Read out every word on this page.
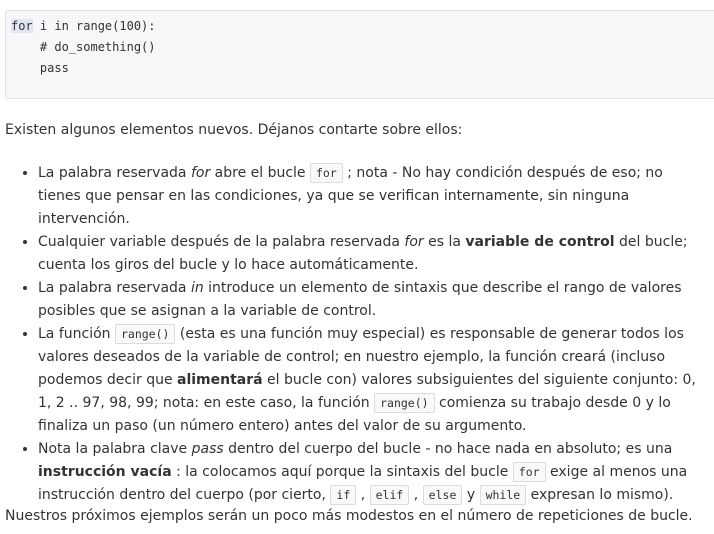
for i in range(100):
# do_something()
pass

Existen algunos elementos nuevos. Déjanos contarte sobre ellos:

• La palabra reservada for abre el bucle for ; nota - No hay condición después de eso; no tienes que pensar en las condiciones, ya que se verifican internamente, sin ninguna intervención.
• Cualquier variable después de la palabra reservada for es la variable de control del bucle; cuenta los giros del bucle y lo hace automáticamente.
• La palabra reservada in introduce un elemento de sintaxis que describe el rango de valores posibles que se asignan a la variable de control.
• La función range() (esta es una función muy especial) es responsable de generar todos los valores deseados de la variable de control; en nuestro ejemplo, la función creará (incluso podemos decir que alimentará el bucle con) valores subsiguientes del siguiente conjunto: 0, 1, 2 .. 97, 98, 99; nota: en este caso, la función range() comienza su trabajo desde 0 y lo finaliza un paso (un número entero) antes del valor de su argumento.
• Nota la palabra clave pass dentro del cuerpo del bucle - no hace nada en absoluto; es una instrucción vacía : la colocamos aquí porque la sintaxis del bucle for exige al menos una instrucción dentro del cuerpo (por cierto, if , elif , else y while expresan lo mismo).

Nuestros próximos ejemplos serán un poco más modestos en el número de repeticiones de bucle.
